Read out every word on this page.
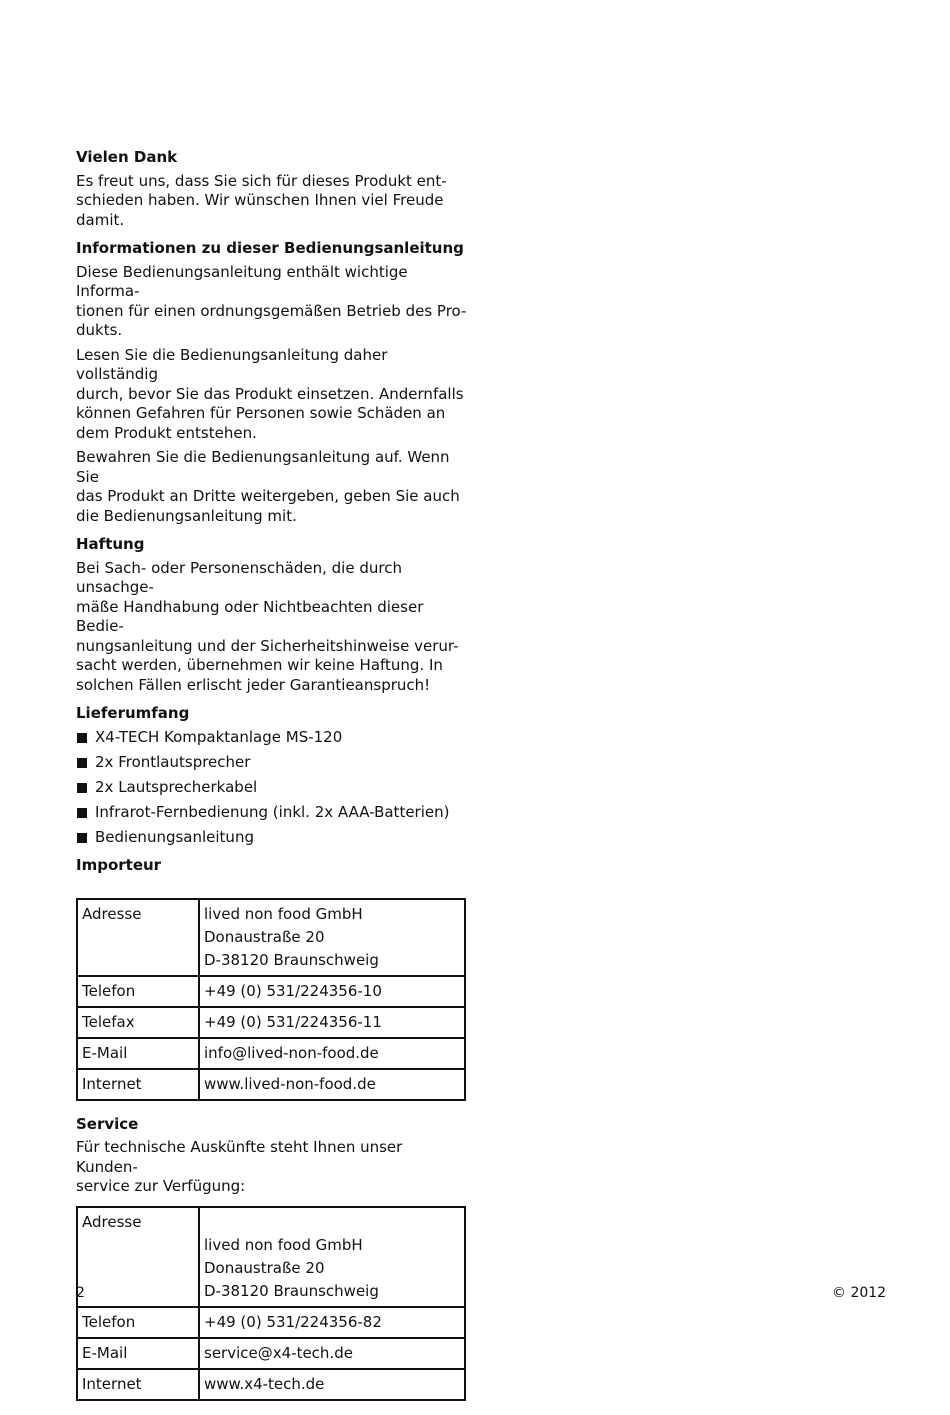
Vielen Dank

Es freut uns, dass Sie sich für dieses Produkt ent-
schieden haben. Wir wünschen Ihnen viel Freude
damit.

Informationen zu dieser Bedienungsanleitung

Diese Bedienungsanleitung enthält wichtige Informa-
tionen für einen ordnungsgemäßen Betrieb des Pro-
dukts.

Lesen Sie die Bedienungsanleitung daher vollständig
durch, bevor Sie das Produkt einsetzen. Andernfalls
können Gefahren für Personen sowie Schäden an
dem Produkt entstehen.

Bewahren Sie die Bedienungsanleitung auf. Wenn Sie
das Produkt an Dritte weitergeben, geben Sie auch
die Bedienungsanleitung mit.

Haftung

Bei Sach- oder Personenschäden, die durch unsachge-
mäße Handhabung oder Nichtbeachten dieser Bedie-
nungsanleitung und der Sicherheitshinweise verur-
sacht werden, übernehmen wir keine Haftung. In
solchen Fällen erlischt jeder Garantieanspruch!

Lieferumfang
X4-TECH Kompaktanlage MS-120
2x Frontlautsprecher
2x Lautsprecherkabel
Infrarot-Fernbedienung (inkl. 2x AAA-Batterien)
Bedienungsanleitung
Importeur
Adresse	lived non food GmbH
Donaustraße 20
D-38120 Braunschweig

Telefon	+49 (0) 531/224356-10
Telefax	+49 (0) 531/224356-11
E-Mail	info@lived-non-food.de
Internet	www.lived-non-food.de
Service

Für technische Auskünfte steht Ihnen unser Kunden-
service zur Verfügung:

Adresse	lived non food GmbH
Donaustraße 20
D-38120 Braunschweig

Telefon	+49 (0) 531/224356-82
E-Mail	service@x4-tech.de
Internet	www.x4-tech.de
2	© 2012
